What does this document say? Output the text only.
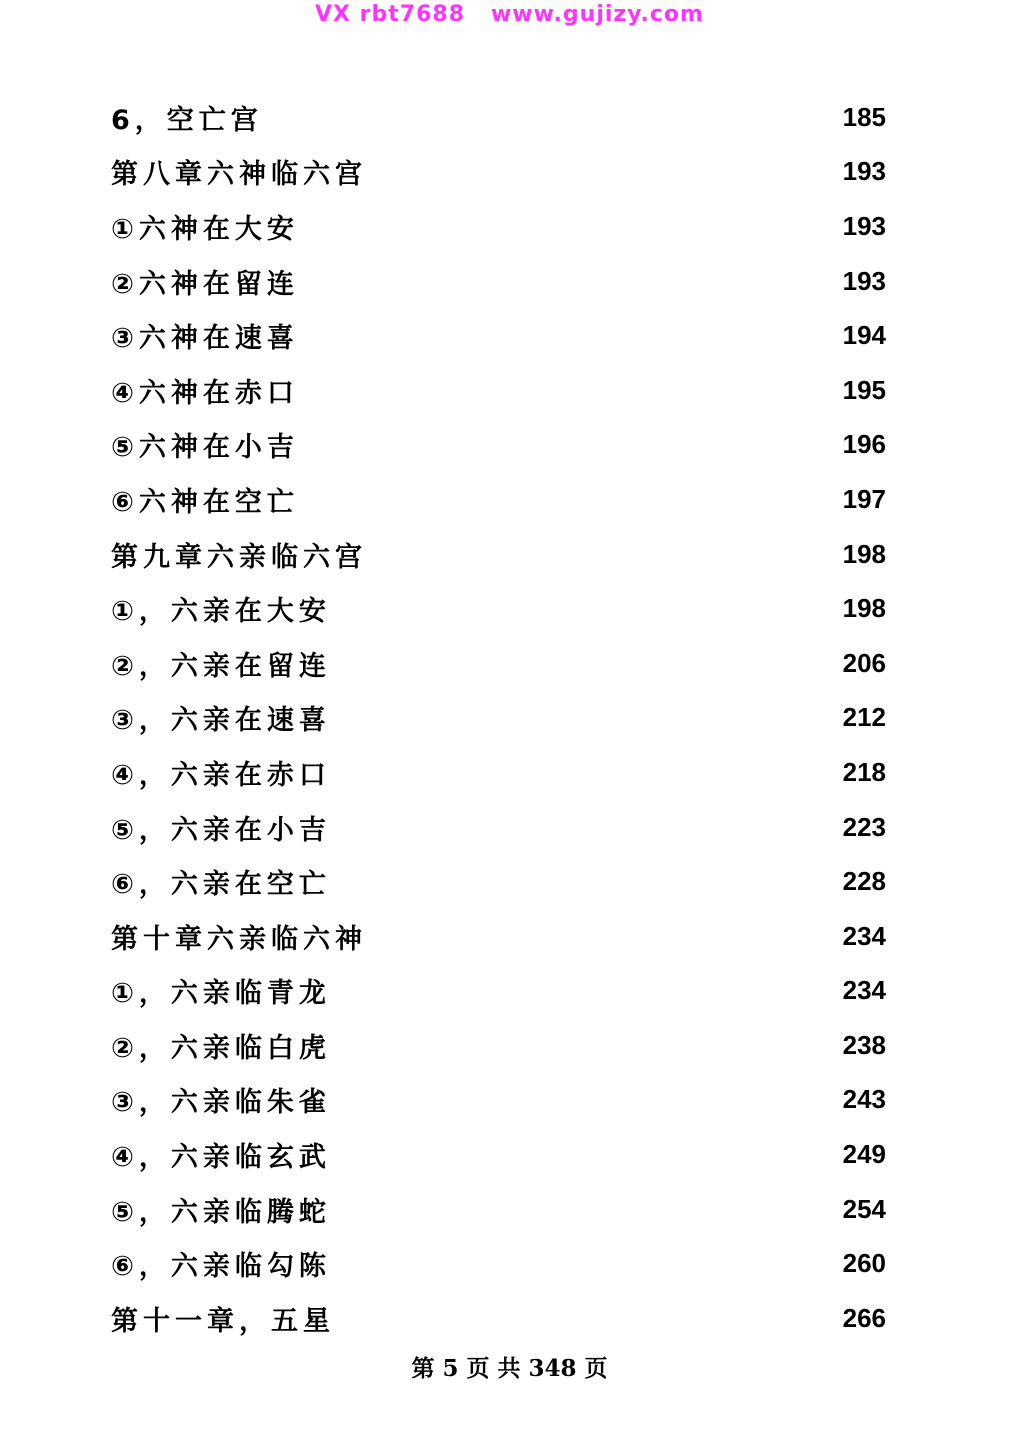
VX rbt7688   www.gujizy.com
6，空亡宫	185
第八章六神临六宫	193
①六神在大安	193
②六神在留连	193
③六神在速喜	194
④六神在赤口	195
⑤六神在小吉	196
⑥六神在空亡	197
第九章六亲临六宫	198
①，六亲在大安	198
②，六亲在留连	206
③，六亲在速喜	212
④，六亲在赤口	218
⑤，六亲在小吉	223
⑥，六亲在空亡	228
第十章六亲临六神	234
①，六亲临青龙	234
②，六亲临白虎	238
③，六亲临朱雀	243
④，六亲临玄武	249
⑤，六亲临腾蛇	254
⑥，六亲临勾陈	260
第十一章，五星	266
第 5 页 共 348 页
